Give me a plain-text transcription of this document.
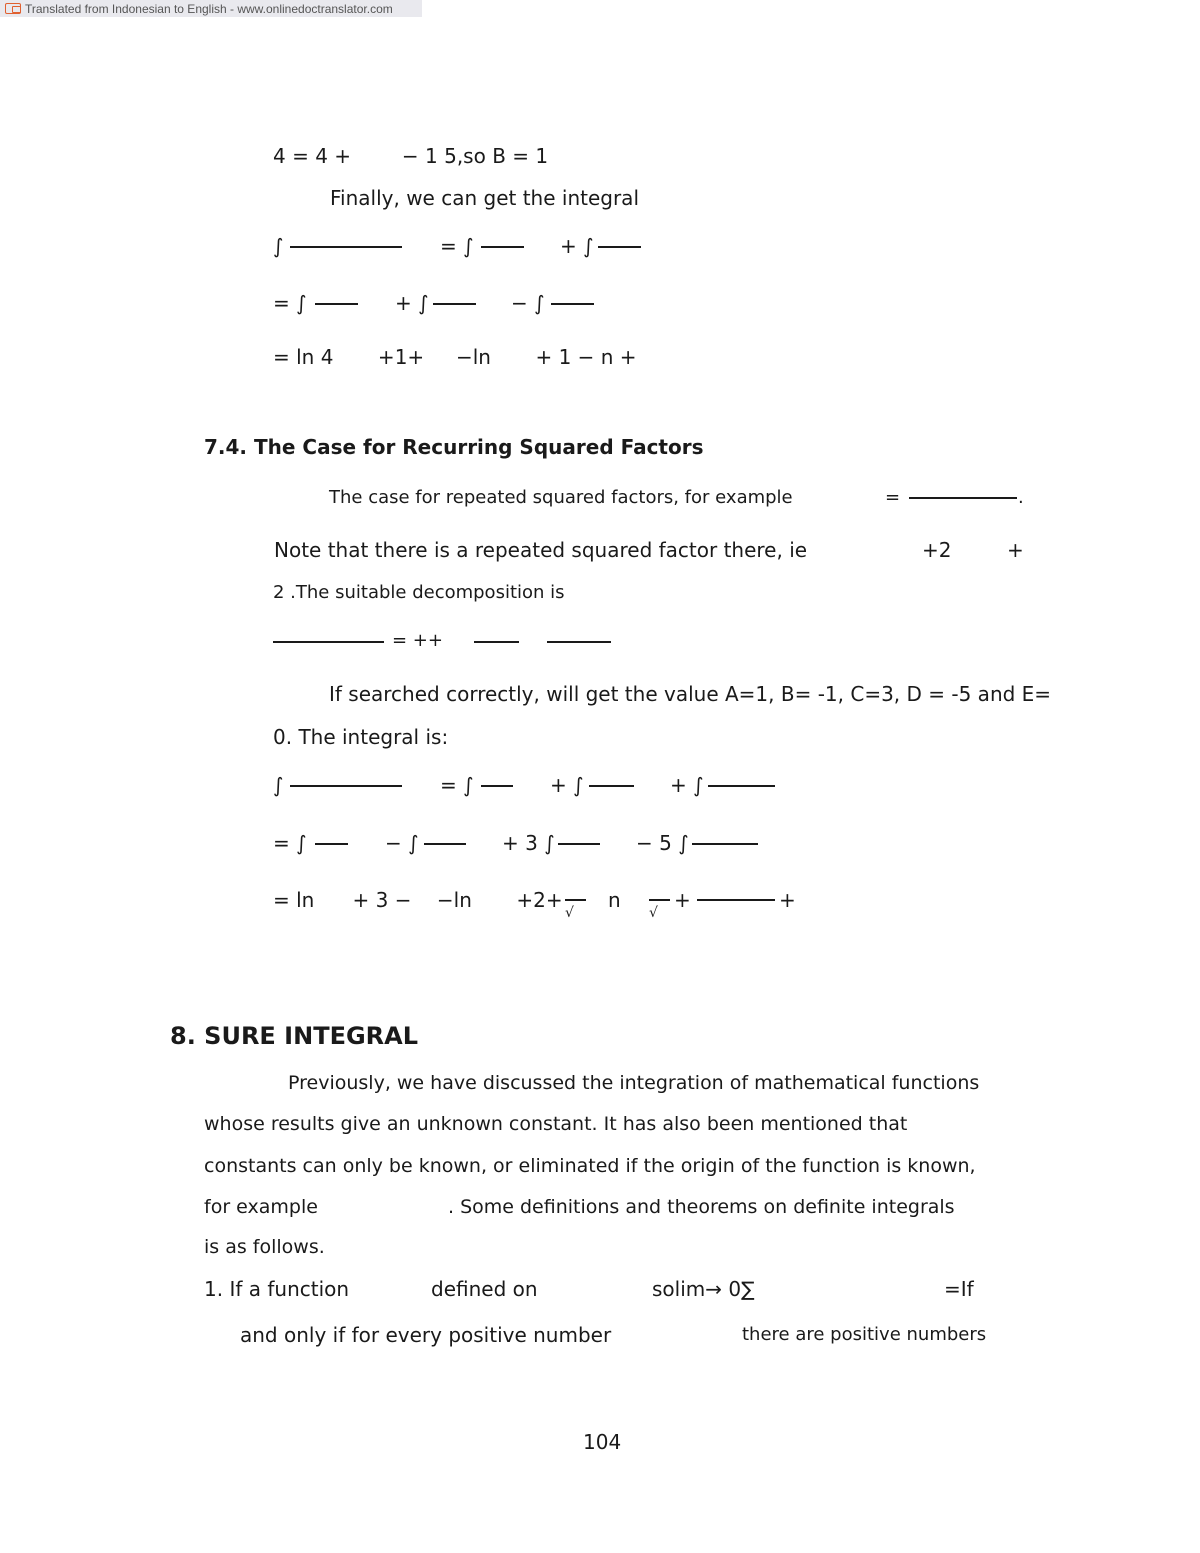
Translated from Indonesian to English - www.onlinedoctranslator.com
4 = 4 +        − 1 5,so B = 1
Finally, we can get the integral
∫	= ∫	+ ∫
= ∫	+ ∫	− ∫
= ln 4       +1+     −ln       + 1 − n +
7.4. The Case for Recurring Squared Factors
The case for repeated squared factors, for example	=	.
Note that there is a repeated squared factor there, ie	+2	+
2 .The suitable decomposition is
= ++
If searched correctly, will get the value A=1, B= -1, C=3, D = -5 and E=
0. The integral is:
∫	= ∫	+ ∫	+ ∫
= ∫	− ∫	+ 3 ∫	− 5 ∫
= ln      + 3 −    −ln       +2+
√
n
√
+	+
8. SURE INTEGRAL
Previously, we have discussed the integration of mathematical functions
whose results give an unknown constant. It has also been mentioned that
constants can only be known, or eliminated if the origin of the function is known,
for example	. Some definitions and theorems on definite integrals
is as follows.
1. If a function	defined on	solim→ 0∑	=If
and only if for every positive number	there are positive numbers
104
